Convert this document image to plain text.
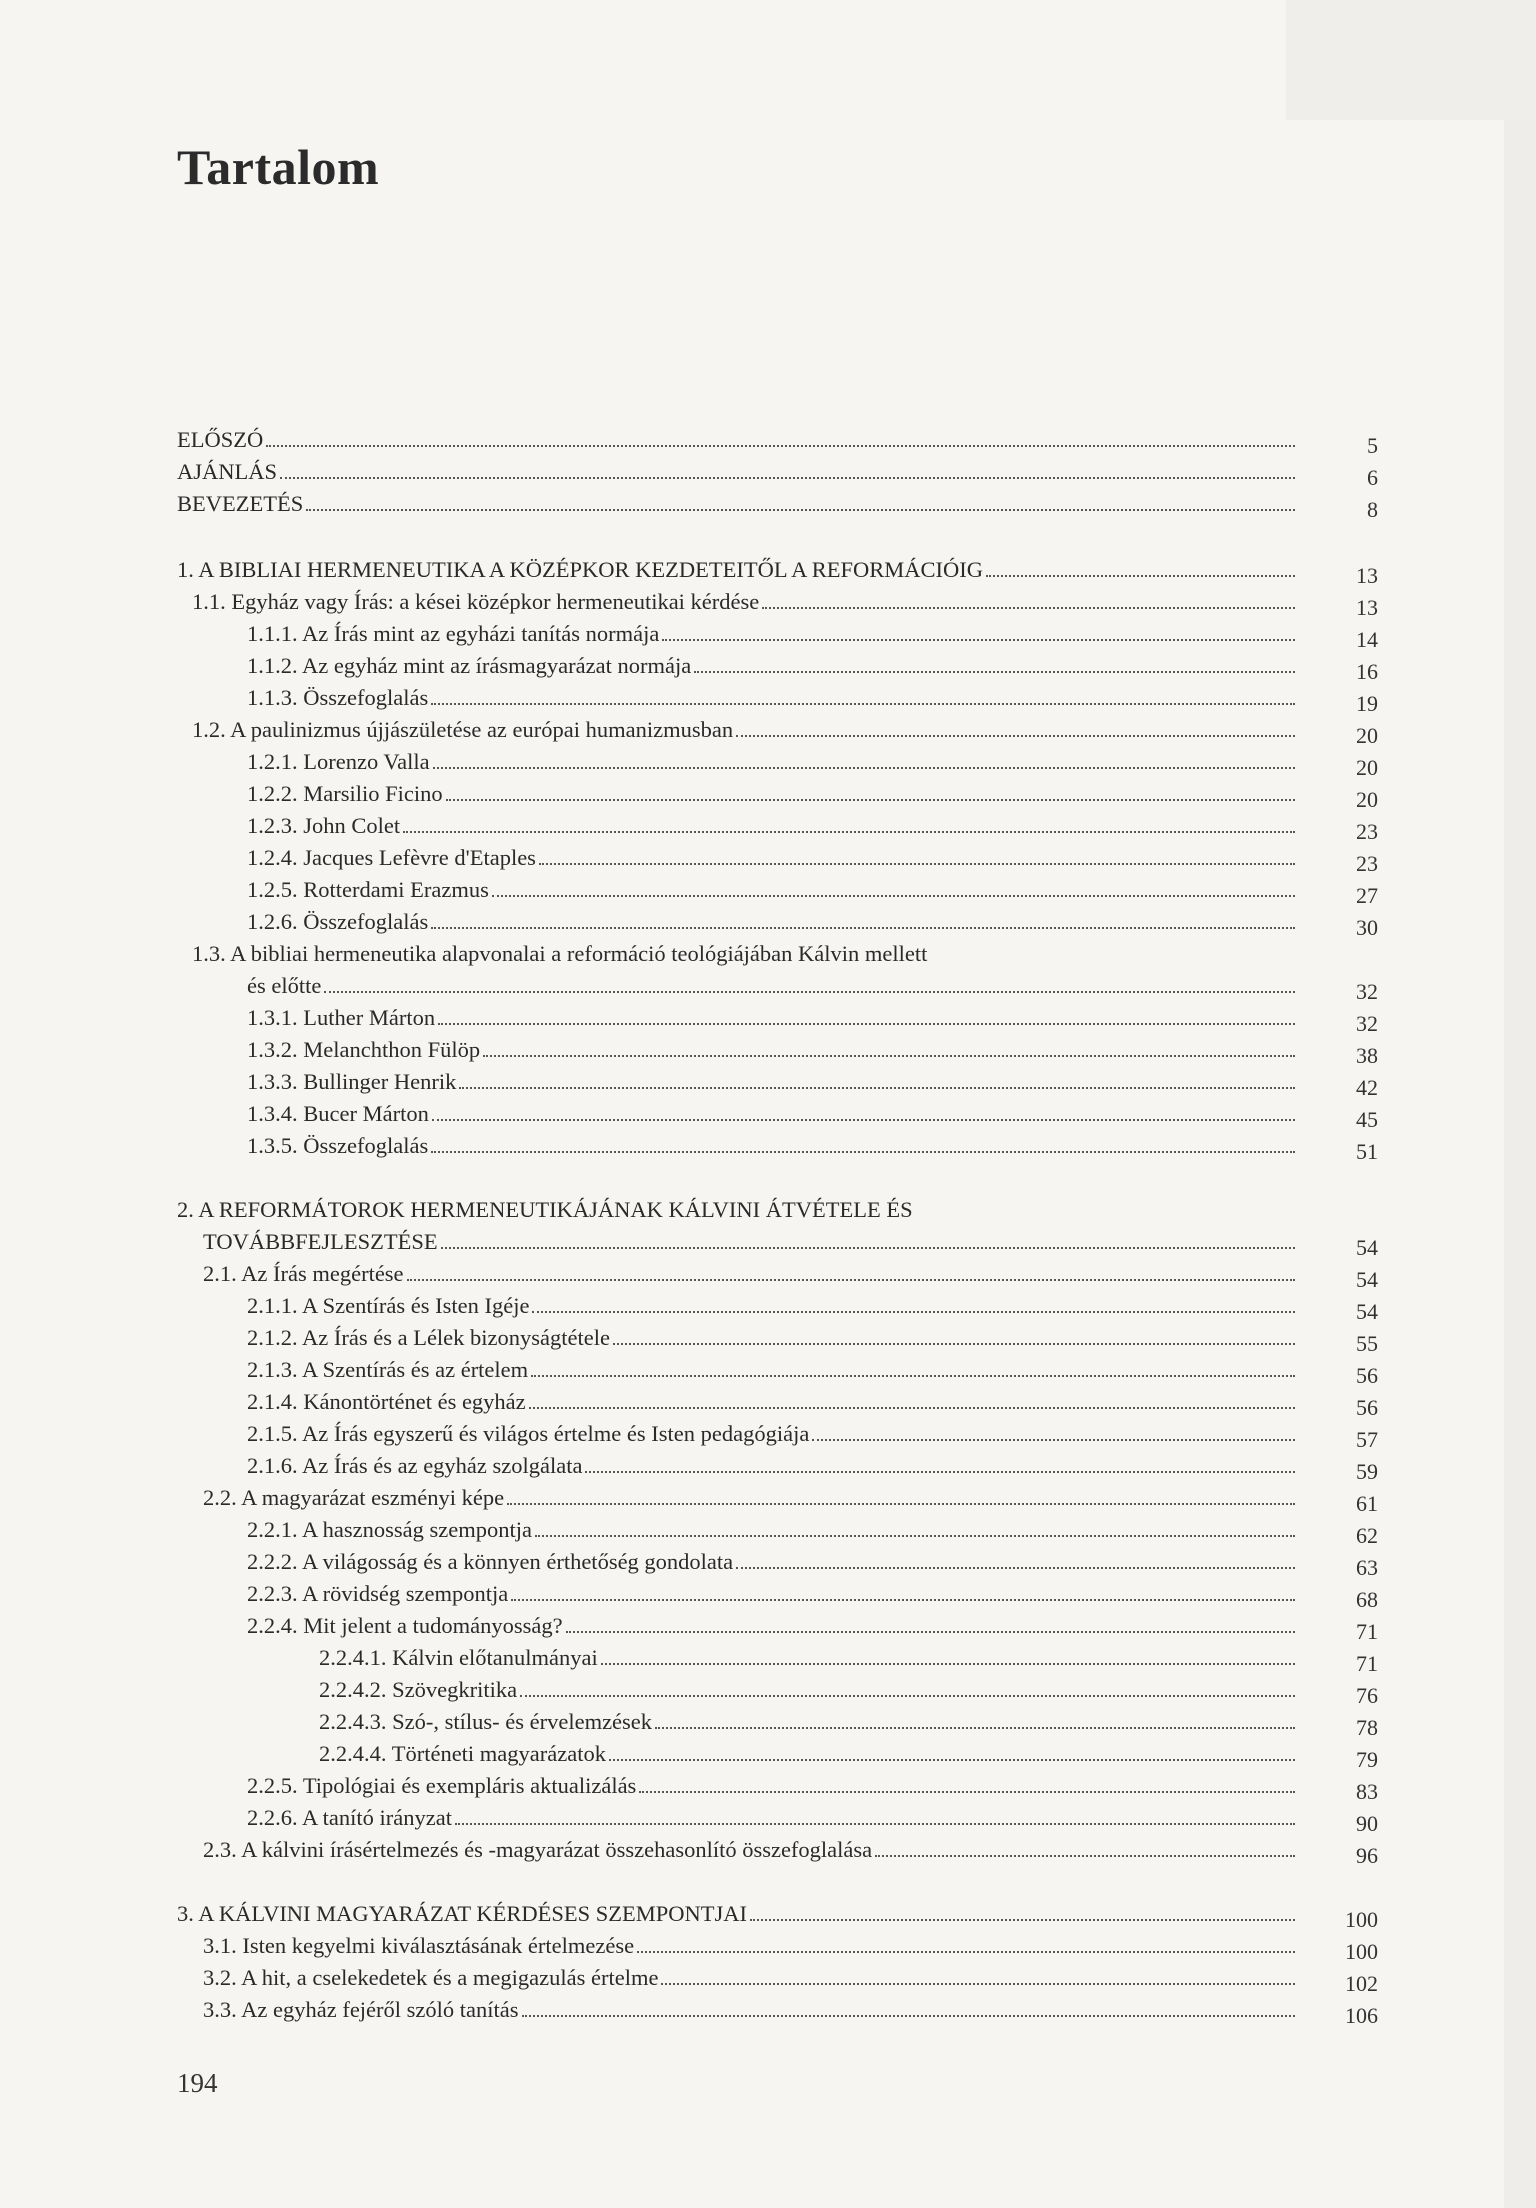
Tartalom
ELŐSZÓ	5
AJÁNLÁS	6
BEVEZETÉS	8
1. A BIBLIAI HERMENEUTIKA A KÖZÉPKOR KEZDETEITŐL A REFORMÁCIÓIG	13
1.1. Egyház vagy Írás: a kései középkor hermeneutikai kérdése	13
1.1.1. Az Írás mint az egyházi tanítás normája	14
1.1.2. Az egyház mint az írásmagyarázat normája	16
1.1.3. Összefoglalás	19
1.2. A paulinizmus újjászületése az európai humanizmusban	20
1.2.1. Lorenzo Valla	20
1.2.2. Marsilio Ficino	20
1.2.3. John Colet	23
1.2.4. Jacques Lefèvre d'Etaples	23
1.2.5. Rotterdami Erazmus	27
1.2.6. Összefoglalás	30
1.3. A bibliai hermeneutika alapvonalai a reformáció teológiájában Kálvin mellett
és előtte	32
1.3.1. Luther Márton	32
1.3.2. Melanchthon Fülöp	38
1.3.3. Bullinger Henrik	42
1.3.4. Bucer Márton	45
1.3.5. Összefoglalás	51
2. A REFORMÁTOROK HERMENEUTIKÁJÁNAK KÁLVINI ÁTVÉTELE ÉS
TOVÁBBFEJLESZTÉSE	54
2.1. Az Írás megértése	54
2.1.1. A Szentírás és Isten Igéje	54
2.1.2. Az Írás és a Lélek bizonyságtétele	55
2.1.3. A Szentírás és az értelem	56
2.1.4. Kánontörténet és egyház	56
2.1.5. Az Írás egyszerű és világos értelme és Isten pedagógiája	57
2.1.6. Az Írás és az egyház szolgálata	59
2.2. A magyarázat eszményi képe	61
2.2.1. A hasznosság szempontja	62
2.2.2. A világosság és a könnyen érthetőség gondolata	63
2.2.3. A rövidség szempontja	68
2.2.4. Mit jelent a tudományosság?	71
2.2.4.1. Kálvin előtanulmányai	71
2.2.4.2. Szövegkritika	76
2.2.4.3. Szó-, stílus- és érvelemzések	78
2.2.4.4. Történeti magyarázatok	79
2.2.5. Tipológiai és exempláris aktualizálás	83
2.2.6. A tanító irányzat	90
2.3. A kálvini írásértelmezés és -magyarázat összehasonlító összefoglalása	96
3. A KÁLVINI MAGYARÁZAT KÉRDÉSES SZEMPONTJAI	100
3.1. Isten kegyelmi kiválasztásának értelmezése	100
3.2. A hit, a cselekedetek és a megigazulás értelme	102
3.3. Az egyház fejéről szóló tanítás	106
194
